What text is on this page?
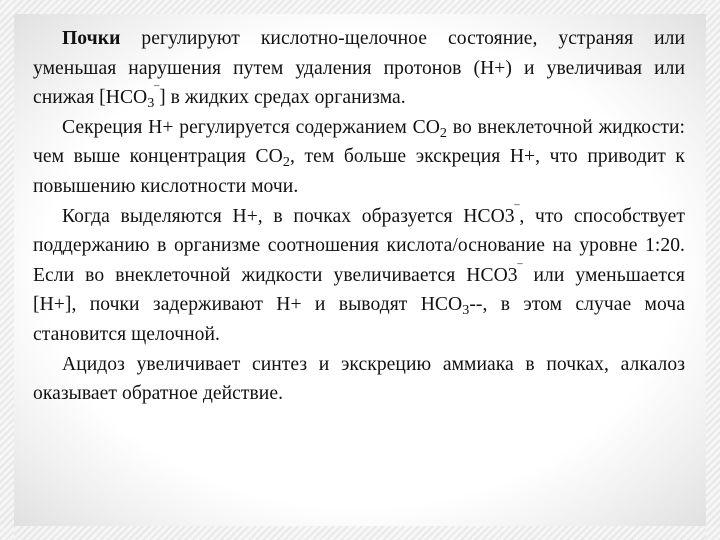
Почки регулируют кислотно-щелочное состояние, устраняя или уменьшая нарушения путем удаления протонов (Н+) и увеличивая или снижая $[НСО_3^‾]$ в жидких средах организма.

Секреция Н+ регулируется содержанием $СО_2$ во внеклеточной жидкости: чем выше концентрация $СО_2$, тем больше экскреция Н+, что приводит к повышению кислотности мочи.

Когда выделяются Н+, в почках образуется НСО3‾, что способствует поддержанию в организме соотношения кислота/основание на уровне 1:20. Если во внеклеточной жидкости увеличивается НСО3‾ или уменьшается [Н+], почки задерживают Н+ и выводят $НСО_3--$, в этом случае моча становится щелочной.

Ацидоз увеличивает синтез и экскрецию аммиака в почках, алкалоз оказывает обратное действие.
